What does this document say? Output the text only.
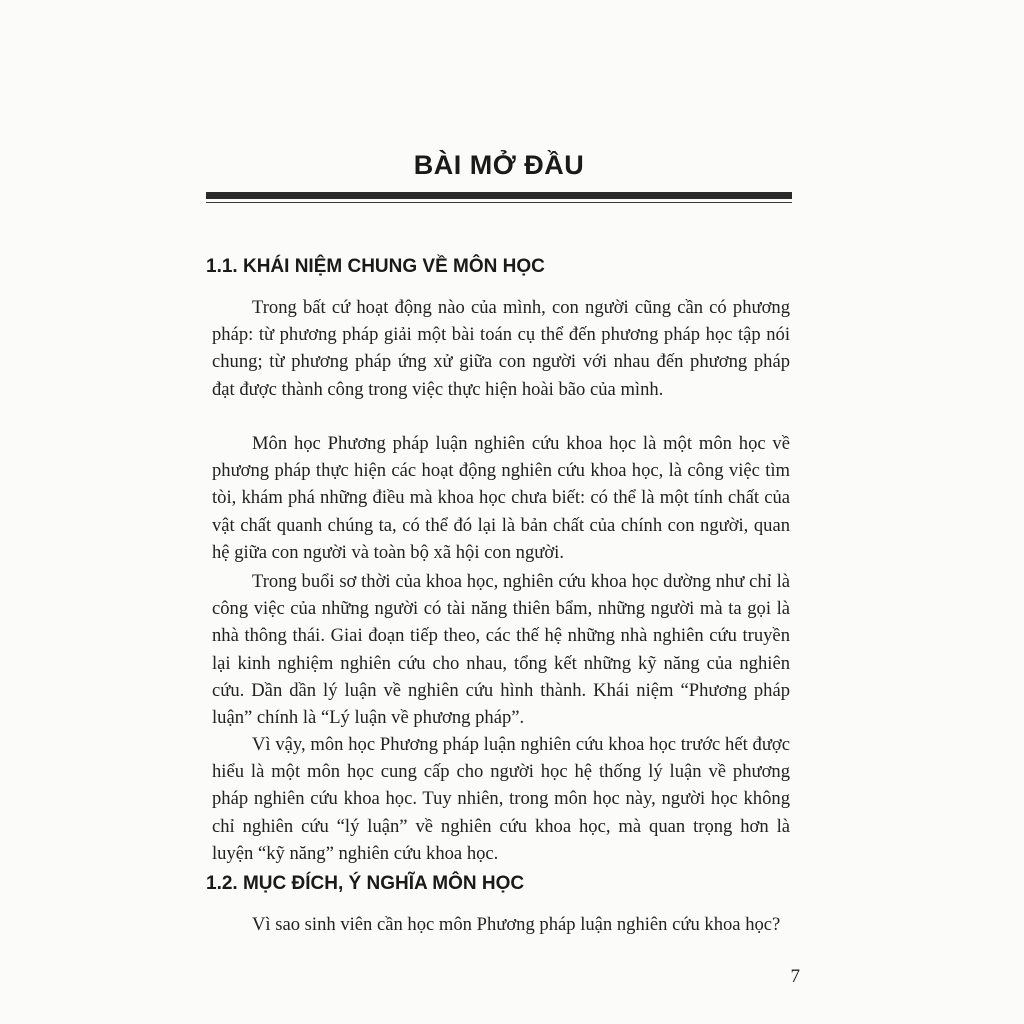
BÀI MỞ ĐẦU
1.1. KHÁI NIỆM CHUNG VỀ MÔN HỌC

Trong bất cứ hoạt động nào của mình, con người cũng cần có phương pháp: từ phương pháp giải một bài toán cụ thể đến phương pháp học tập nói chung; từ phương pháp ứng xử giữa con người với nhau đến phương pháp đạt được thành công trong việc thực hiện hoài bão của mình.

Môn học Phương pháp luận nghiên cứu khoa học là một môn học về phương pháp thực hiện các hoạt động nghiên cứu khoa học, là công việc tìm tòi, khám phá những điều mà khoa học chưa biết: có thể là một tính chất của vật chất quanh chúng ta, có thể đó lại là bản chất của chính con người, quan hệ giữa con người và toàn bộ xã hội con người.

Trong buổi sơ thời của khoa học, nghiên cứu khoa học dường như chỉ là công việc của những người có tài năng thiên bẩm, những người mà ta gọi là nhà thông thái. Giai đoạn tiếp theo, các thế hệ những nhà nghiên cứu truyền lại kinh nghiệm nghiên cứu cho nhau, tổng kết những kỹ năng của nghiên cứu. Dần dần lý luận về nghiên cứu hình thành. Khái niệm “Phương pháp luận” chính là “Lý luận về phương pháp”.

Vì vậy, môn học Phương pháp luận nghiên cứu khoa học trước hết được hiểu là một môn học cung cấp cho người học hệ thống lý luận về phương pháp nghiên cứu khoa học. Tuy nhiên, trong môn học này, người học không chỉ nghiên cứu “lý luận” về nghiên cứu khoa học, mà quan trọng hơn là luyện “kỹ năng” nghiên cứu khoa học.

1.2. MỤC ĐÍCH, Ý NGHĨA MÔN HỌC

Vì sao sinh viên cần học môn Phương pháp luận nghiên cứu khoa học?

7
